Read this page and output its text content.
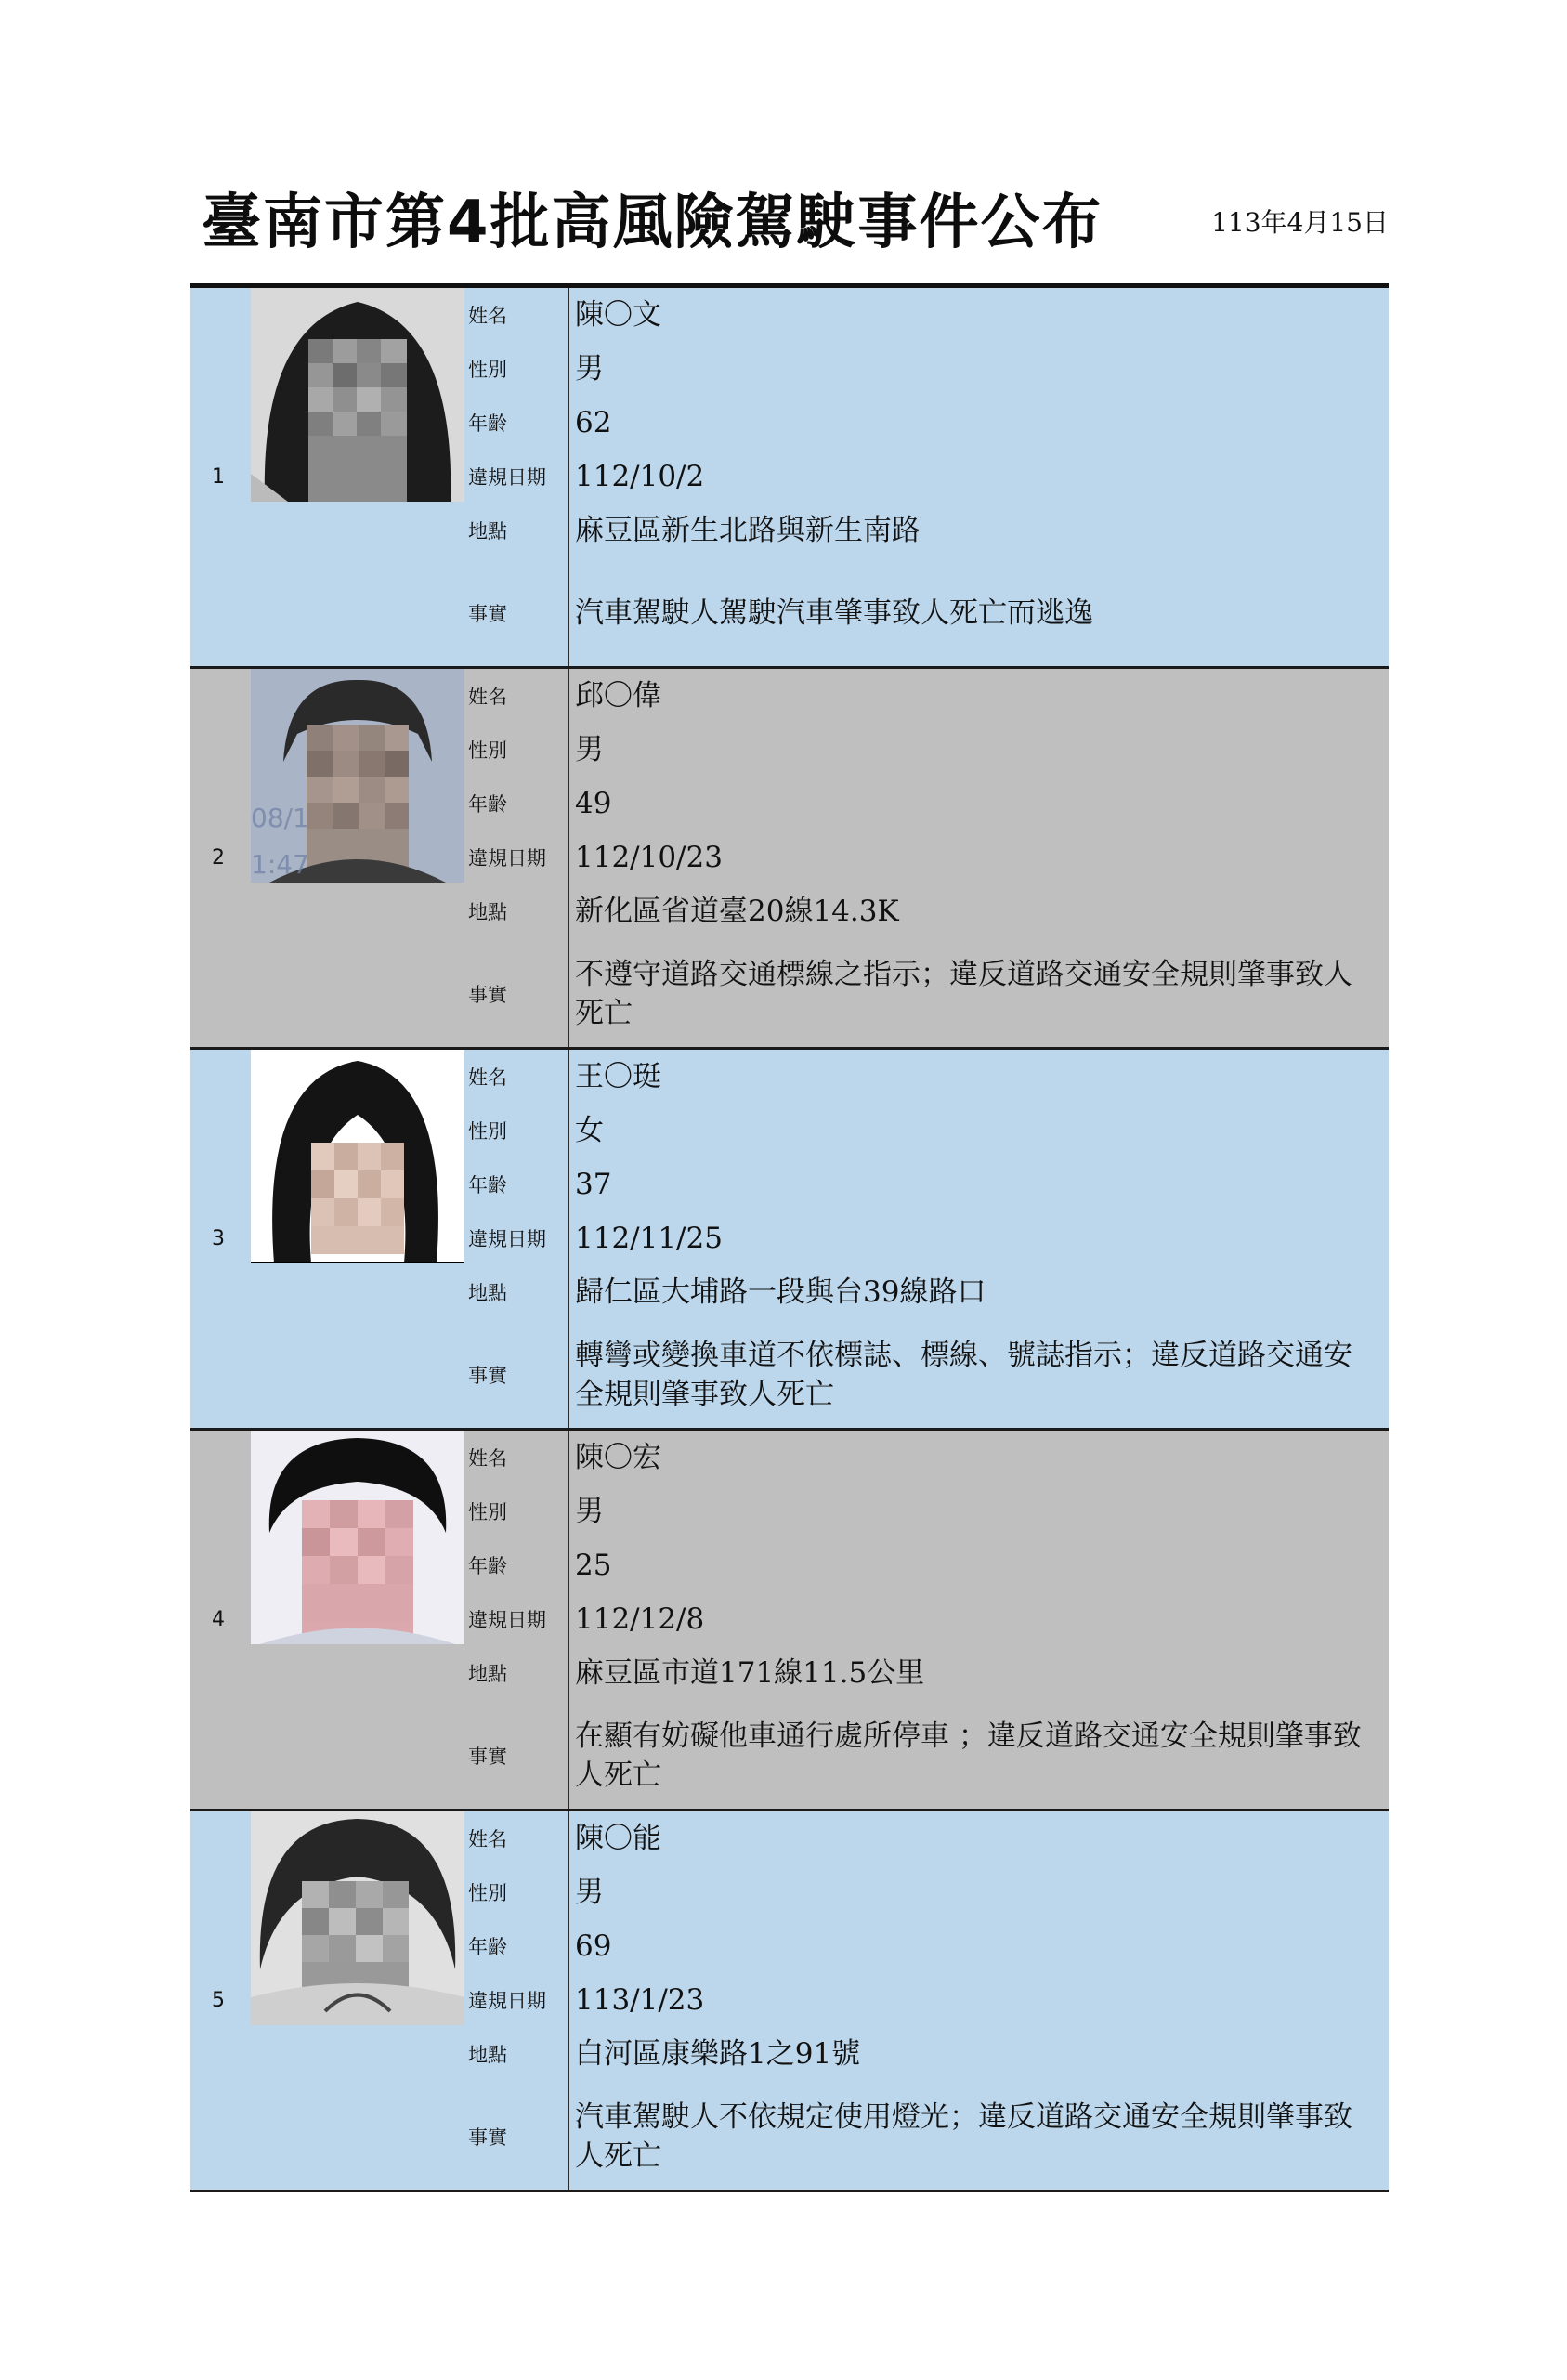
臺南市第4批高風險駕駛事件公布	113年4月15日
1
姓名
性別
年齡
違規日期
地點
事實
陳〇文
男
62
112/10/2
麻豆區新生北路與新生南路
汽車駕駛人駕駛汽車肇事致人死亡而逃逸
2
08/1
1:47
姓名
性別
年齡
違規日期
地點
事實
邱〇偉
男
49
112/10/23
新化區省道臺20線14.3K
不遵守道路交通標線之指示；違反道路交通安全規則肇事致人死亡
3
姓名
性別
年齡
違規日期
地點
事實
王〇珽
女
37
112/11/25
歸仁區大埔路一段與台39線路口
轉彎或變換車道不依標誌、標線、號誌指示；違反道路交通安全規則肇事致人死亡
4
姓名
性別
年齡
違規日期
地點
事實
陳〇宏
男
25
112/12/8
麻豆區市道171線11.5公里
在顯有妨礙他車通行處所停車 ；違反道路交通安全規則肇事致人死亡
5
姓名
性別
年齡
違規日期
地點
事實
陳〇能
男
69
113/1/23
白河區康樂路1之91號
汽車駕駛人不依規定使用燈光；違反道路交通安全規則肇事致人死亡
